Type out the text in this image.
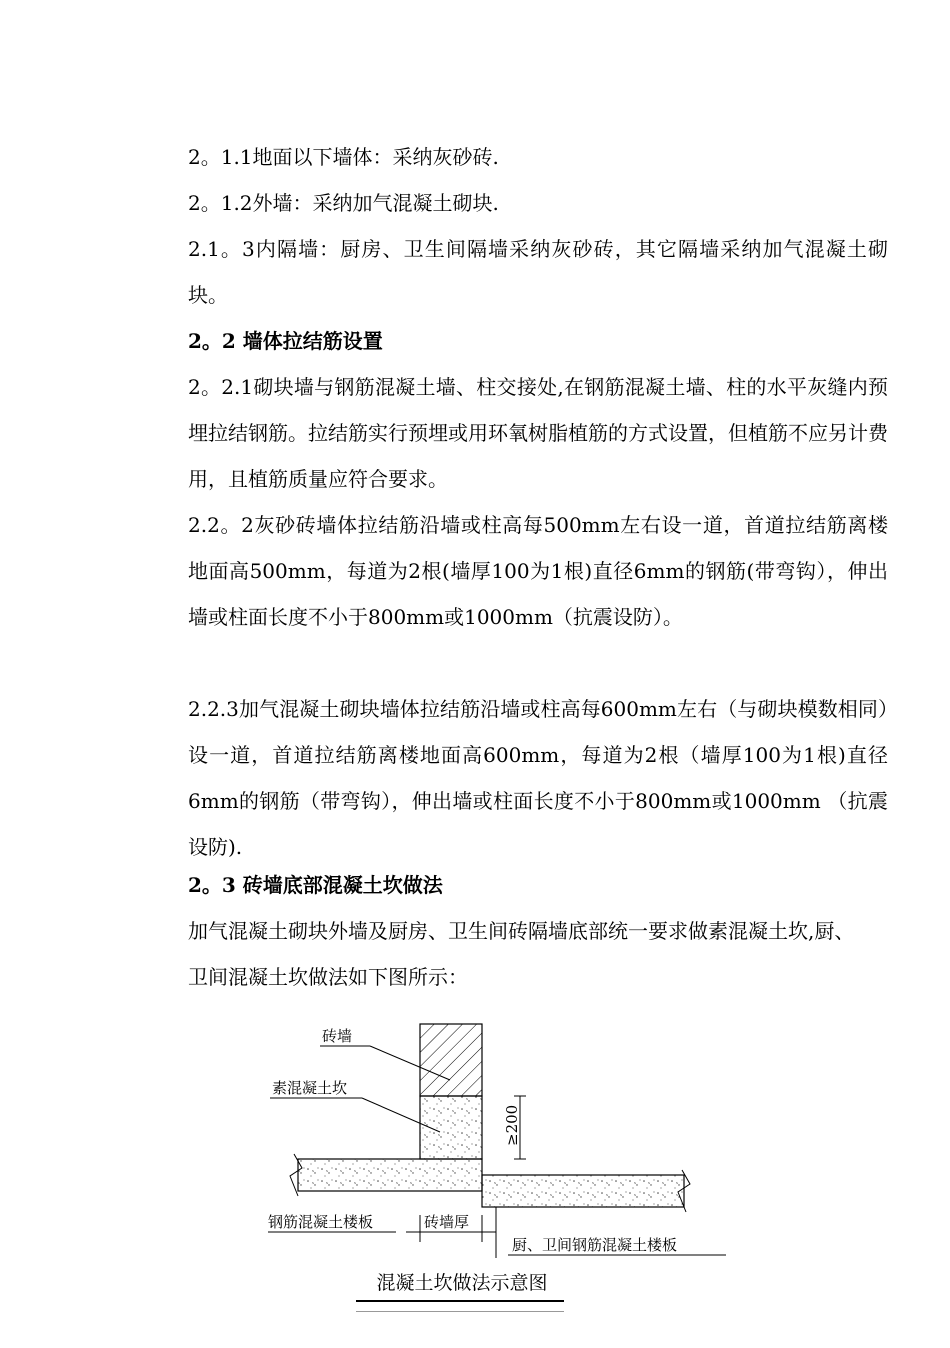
2。1.1地面以下墙体：采纳灰砂砖.

2。1.2外墙：采纳加气混凝土砌块.

2.1。3内隔墙：厨房、卫生间隔墙采纳灰砂砖，其它隔墙采纳加气混凝土砌块。

2。2 墙体拉结筋设置

2。2.1砌块墙与钢筋混凝土墙、柱交接处,在钢筋混凝土墙、柱的水平灰缝内预埋拉结钢筋。拉结筋实行预埋或用环氧树脂植筋的方式设置，但植筋不应另计费用，且植筋质量应符合要求。

2.2。2灰砂砖墙体拉结筋沿墙或柱高每500mm左右设一道，首道拉结筋离楼地面高500mm，每道为2根(墙厚100为1根)直径6mm的钢筋(带弯钩），伸出墙或柱面长度不小于800mm或1000mm（抗震设防）。

2.2.3加气混凝土砌块墙体拉结筋沿墙或柱高每600mm左右（与砌块模数相同）设一道，首道拉结筋离楼地面高600mm，每道为2根（墙厚100为1根)直径6mm的钢筋（带弯钩），伸出墙或柱面长度不小于800mm或1000mm （抗震设防).

2。3 砖墙底部混凝土坎做法

加气混凝土砌块外墙及厨房、卫生间砖隔墙底部统一要求做素混凝土坎,厨、卫间混凝土坎做法如下图所示：

≥200
砖墙
素混凝土坎
砖墙厚
钢筋混凝土楼板
厨、卫间钢筋混凝土楼板
混凝土坎做法示意图
